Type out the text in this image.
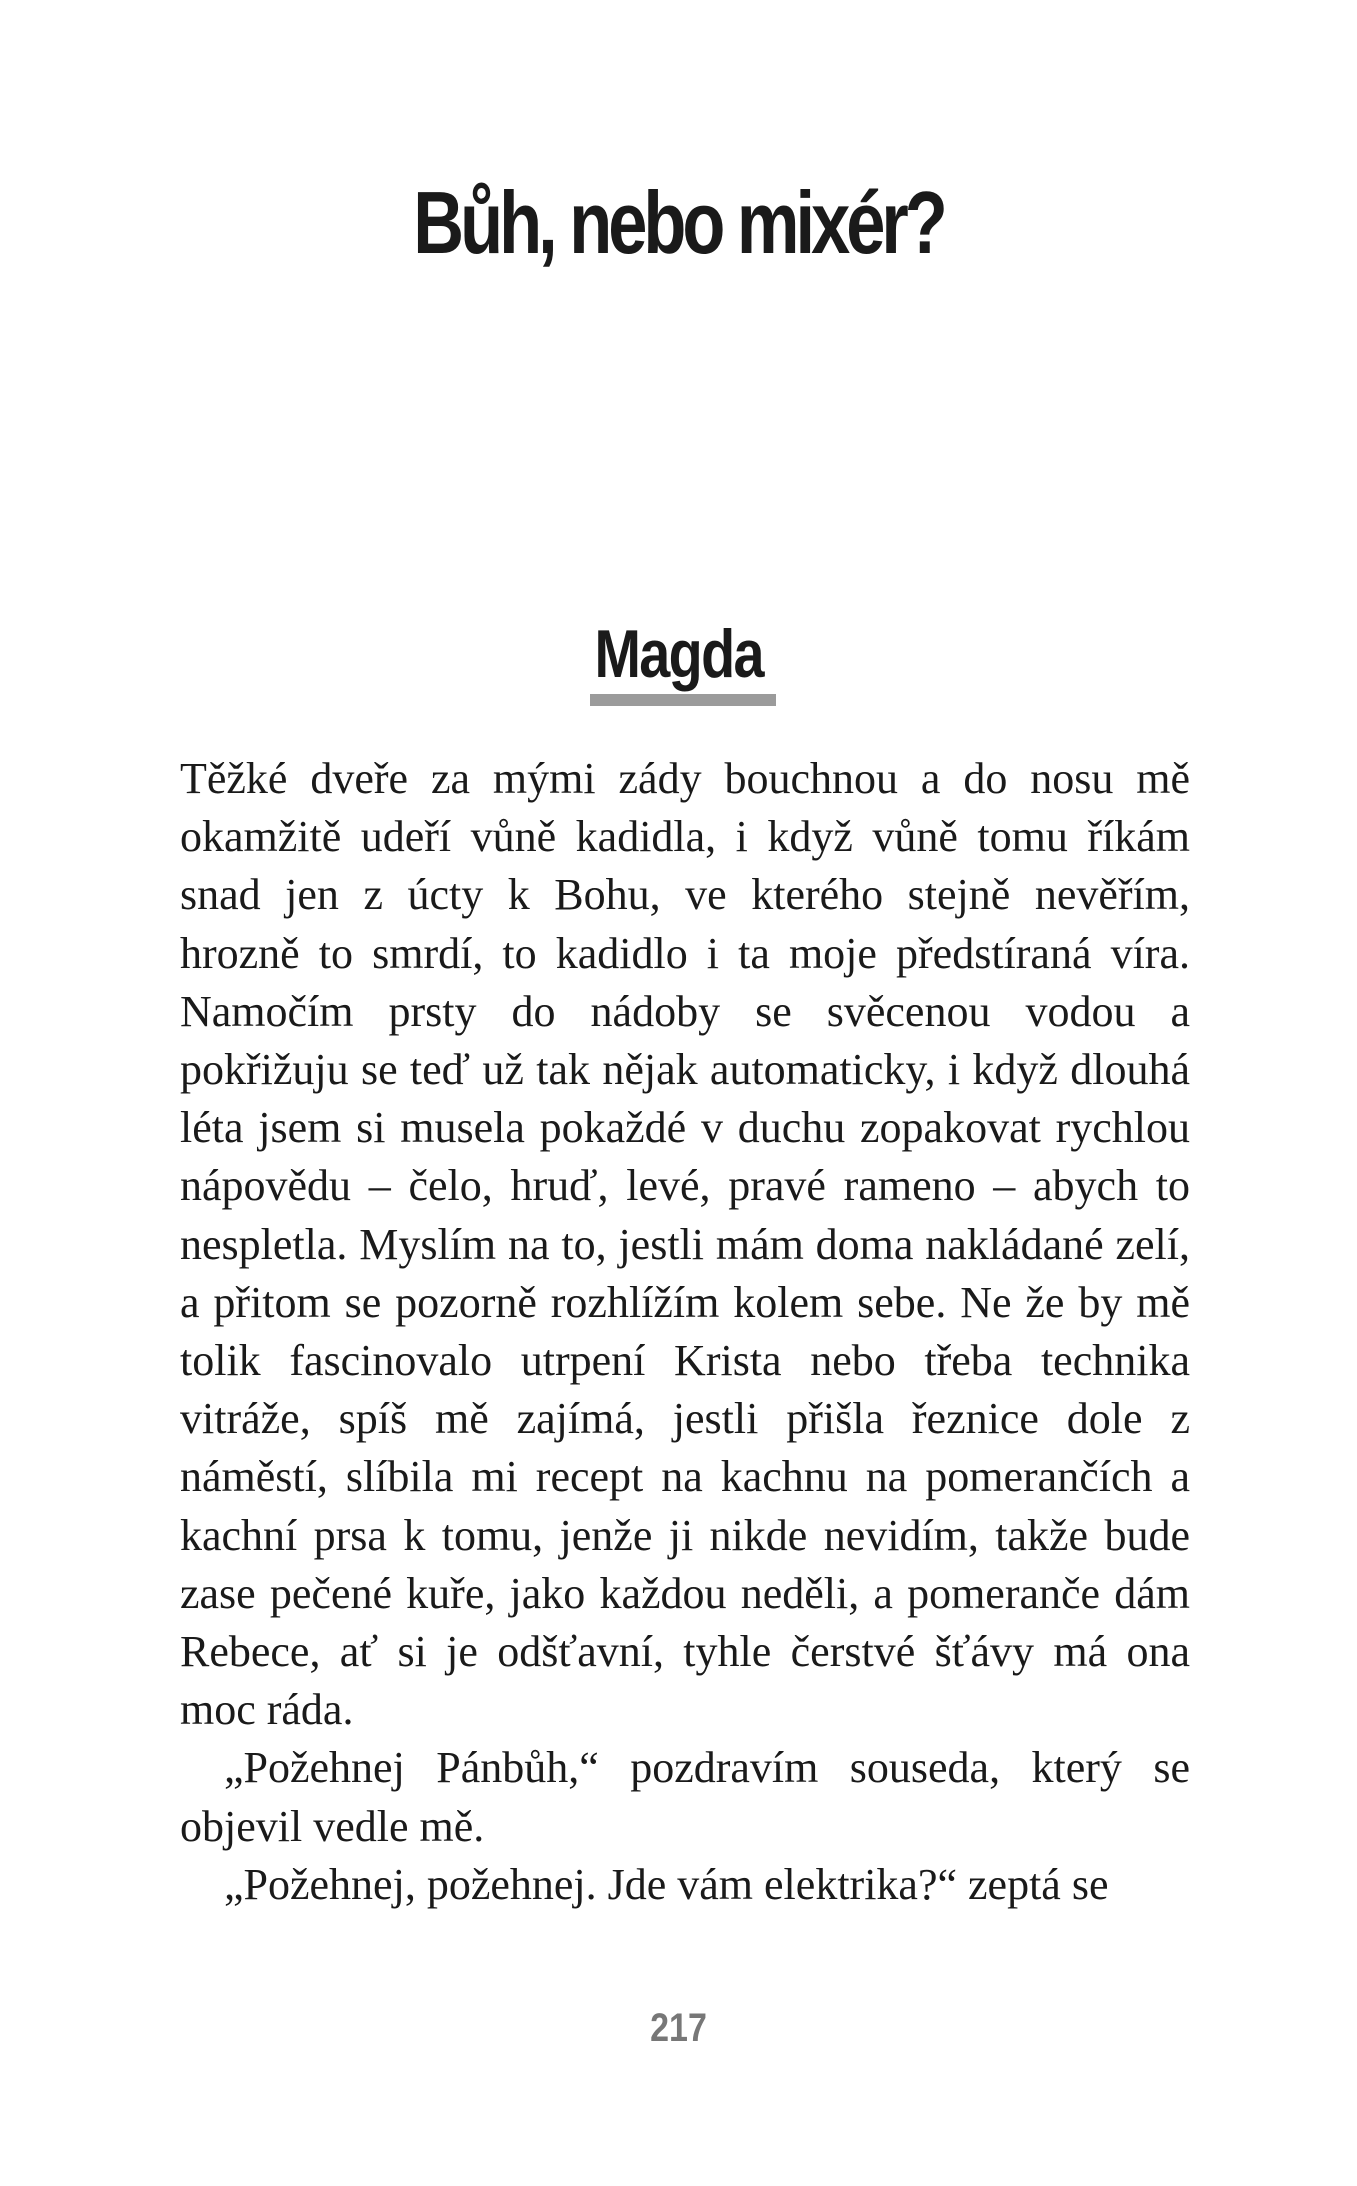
Bůh, nebo mixér?
Magda

Těžké dveře za mými zády bouchnou a do nosu mě okamžitě udeří vůně kadidla, i když vůně tomu říkám snad jen z úcty k Bohu, ve kterého stejně nevěřím, hrozně to smrdí, to kadidlo i ta moje předstíraná víra. Namočím prsty do nádoby se svěcenou vodou a pokřižuju se teď už tak nějak automaticky, i když dlouhá léta jsem si musela pokaždé v duchu zopakovat rychlou nápovědu – čelo, hruď, levé, pravé rameno – abych to nespletla. Myslím na to, jestli mám doma nakládané zelí, a přitom se pozorně rozhlížím kolem sebe. Ne že by mě tolik fascinovalo utrpení Krista nebo třeba technika vitráže, spíš mě zajímá, jestli přišla řeznice dole z náměstí, slíbila mi recept na kachnu na pomerančích a kachní prsa k tomu, jenže ji nikde nevidím, takže bude zase pečené kuře, jako každou neděli, a pomeranče dám Rebece, ať si je odšťavní, tyhle čerstvé šťávy má ona moc ráda.

„Požehnej Pánbůh,“ pozdravím souseda, který se objevil vedle mě.

„Požehnej, požehnej. Jde vám elektrika?“ zeptá se

217
